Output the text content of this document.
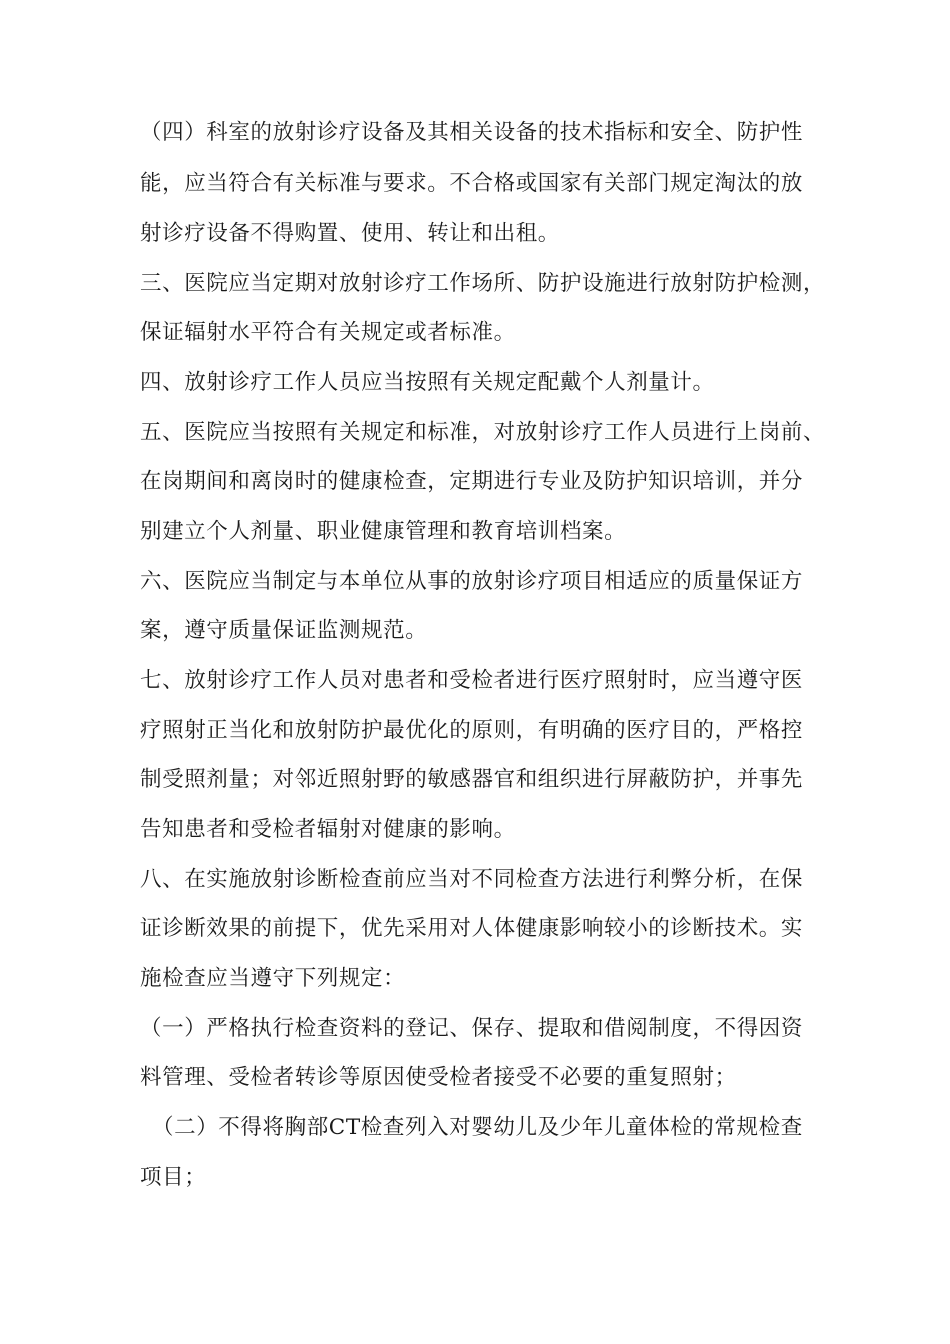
（四）科室的放射诊疗设备及其相关设备的技术指标和安全、防护性
能，应当符合有关标准与要求。不合格或国家有关部门规定淘汰的放
射诊疗设备不得购置、使用、转让和出租。
三、医院应当定期对放射诊疗工作场所、防护设施进行放射防护检测，
保证辐射水平符合有关规定或者标准。
四、放射诊疗工作人员应当按照有关规定配戴个人剂量计。
五、医院应当按照有关规定和标准，对放射诊疗工作人员进行上岗前、
在岗期间和离岗时的健康检查，定期进行专业及防护知识培训，并分
别建立个人剂量、职业健康管理和教育培训档案。
六、医院应当制定与本单位从事的放射诊疗项目相适应的质量保证方
案，遵守质量保证监测规范。
七、放射诊疗工作人员对患者和受检者进行医疗照射时，应当遵守医
疗照射正当化和放射防护最优化的原则，有明确的医疗目的，严格控
制受照剂量；对邻近照射野的敏感器官和组织进行屏蔽防护，并事先
告知患者和受检者辐射对健康的影响。
八、在实施放射诊断检查前应当对不同检查方法进行利弊分析，在保
证诊断效果的前提下，优先采用对人体健康影响较小的诊断技术。实
施检查应当遵守下列规定：
（一）严格执行检查资料的登记、保存、提取和借阅制度，不得因资
料管理、受检者转诊等原因使受检者接受不必要的重复照射；
（二）不得将胸部CT检查列入对婴幼儿及少年儿童体检的常规检查
项目；
